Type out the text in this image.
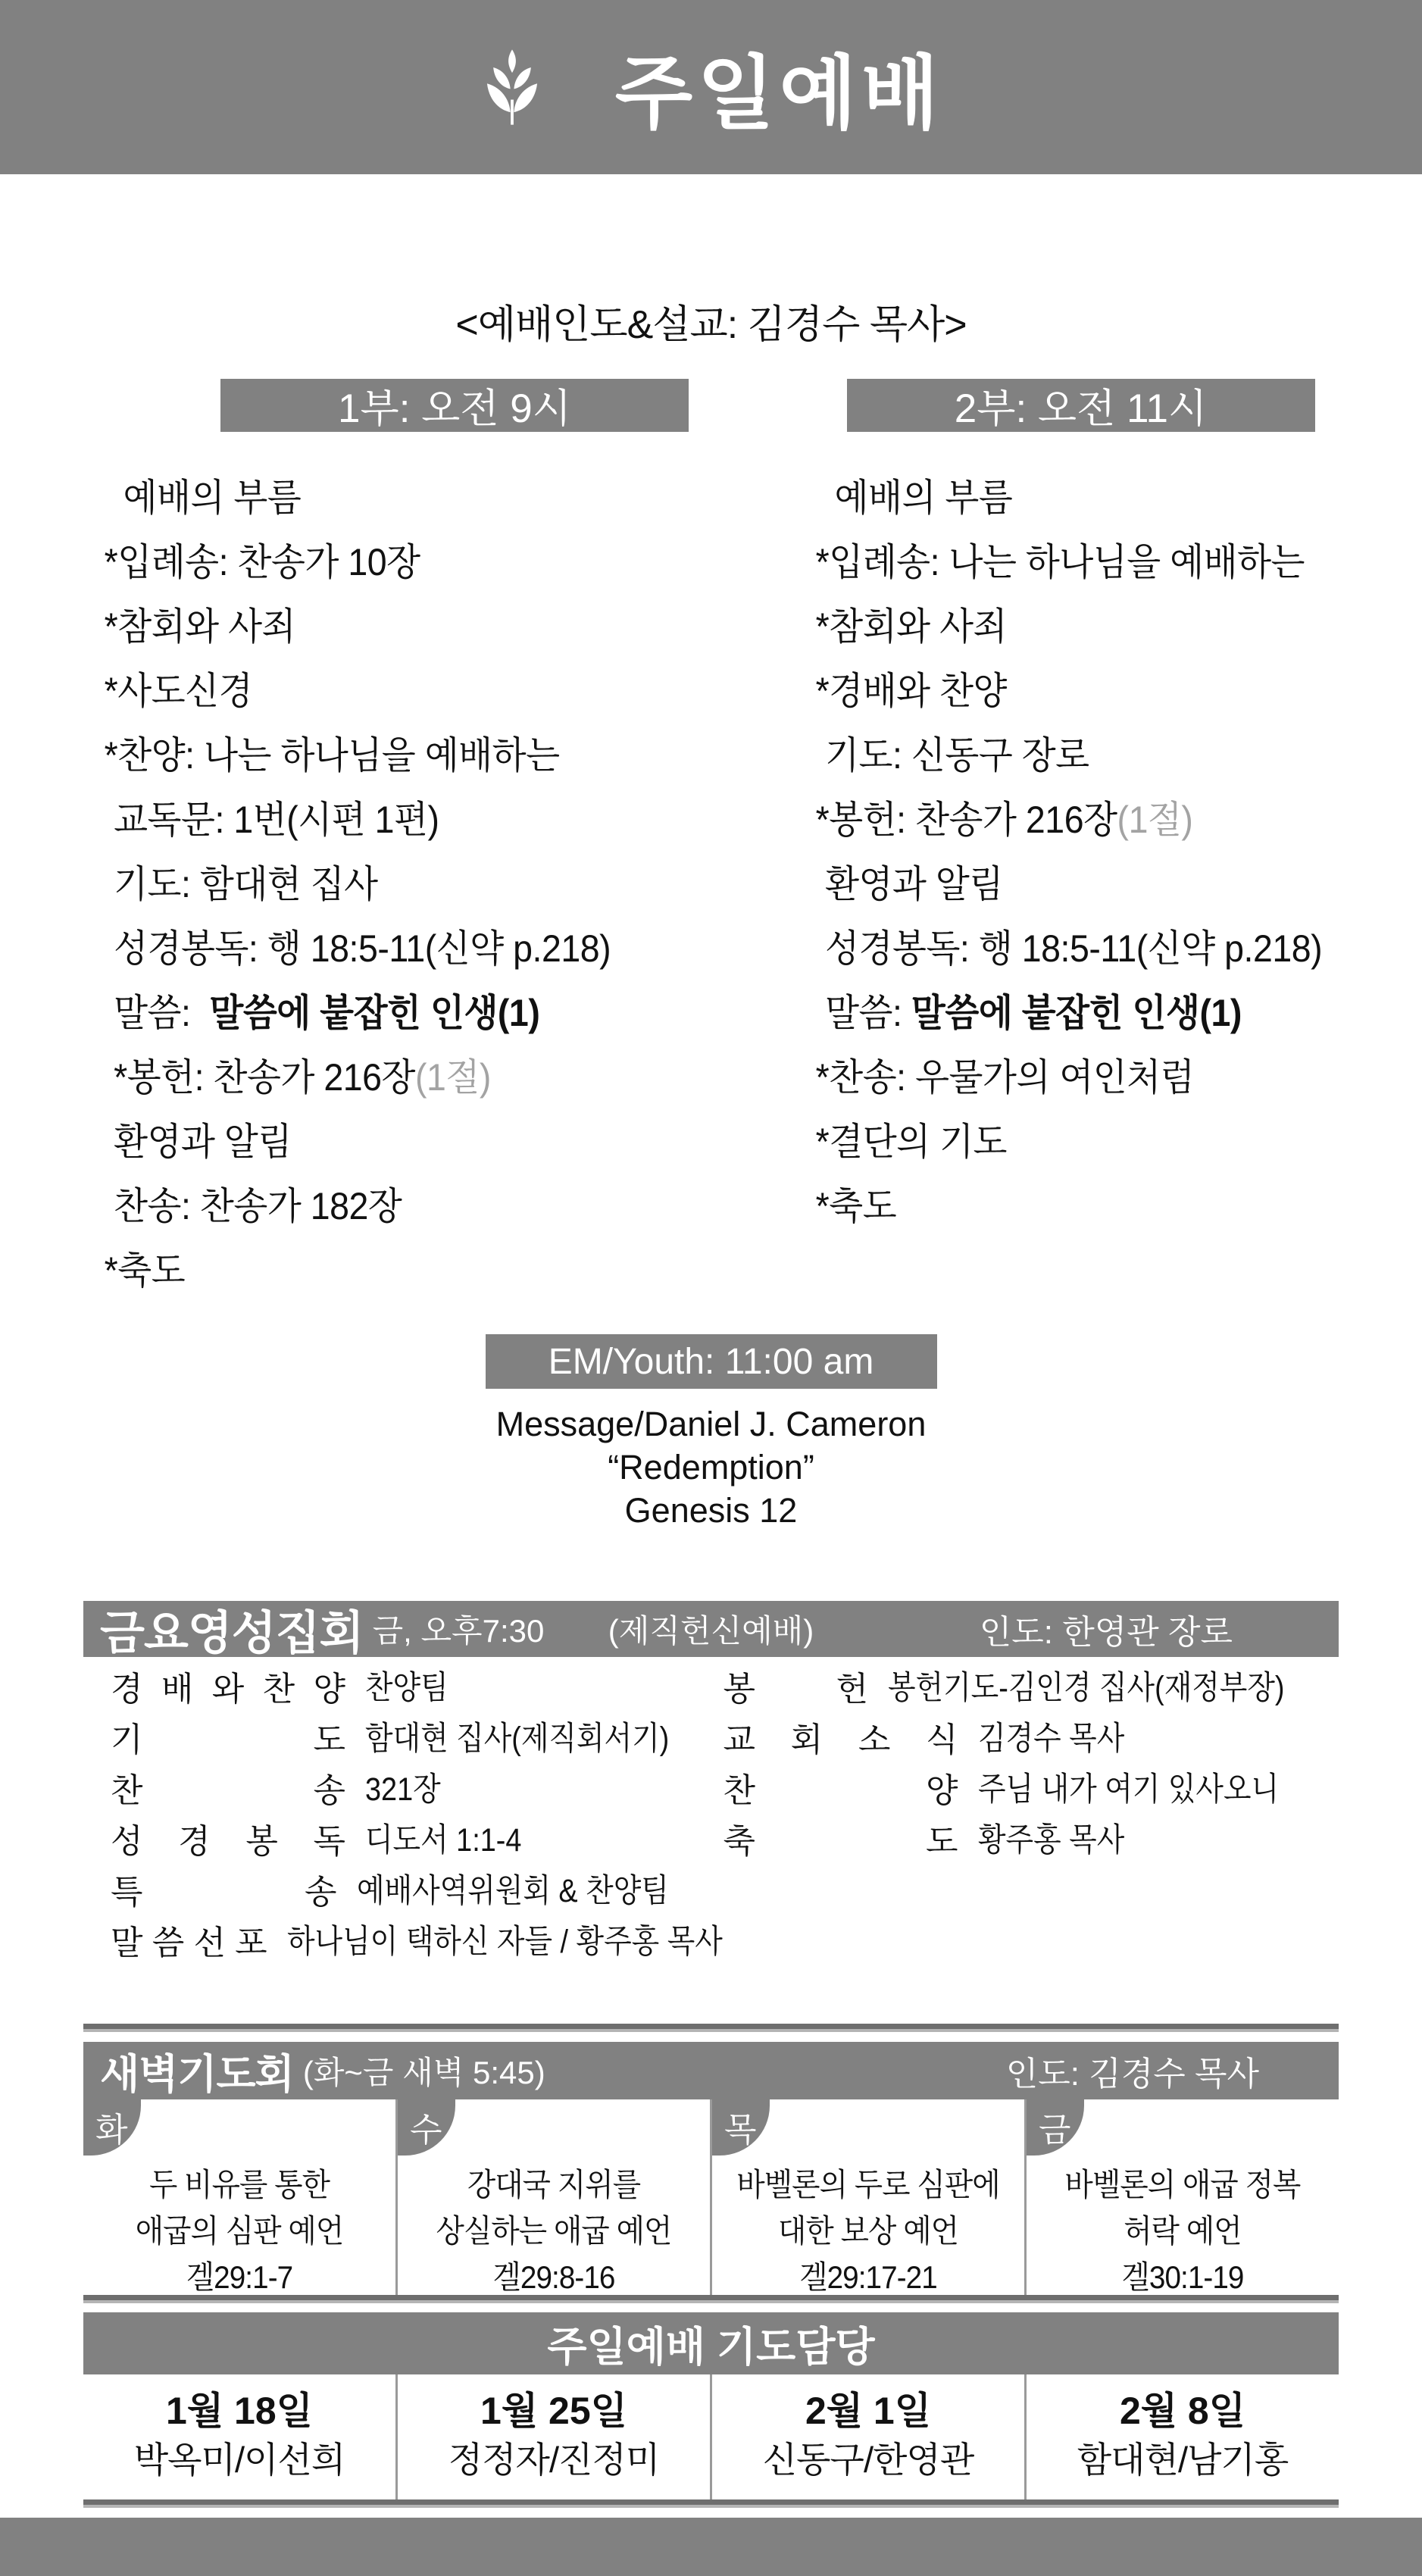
주일예배
<예배인도&설교: 김경수 목사>
1부: 오전 9시
예배의 부름
*입례송: 찬송가 10장
*참회와 사죄
*사도신경
*찬양: 나는 하나님을 예배하는
교독문: 1번(시편 1편)
기도: 함대현 집사
성경봉독: 행 18:5-11(신약 p.218)
말씀:  말씀에 붙잡힌 인생(1)
*봉헌: 찬송가 216장(1절)
환영과 알림
찬송: 찬송가 182장
*축도
2부: 오전 11시
예배의 부름
*입례송: 나는 하나님을 예배하는
*참회와 사죄
*경배와 찬양
기도: 신동구 장로
*봉헌: 찬송가 216장(1절)
환영과 알림
성경봉독: 행 18:5-11(신약 p.218)
말씀: 말씀에 붙잡힌 인생(1)
*찬송: 우물가의 여인처럼
*결단의 기도
*축도
EM/Youth: 11:00 am
Message/Daniel J. Cameron
“Redemption”
Genesis 12
금요영성집회 금, 오후7:30 (제직헌신예배)	인도: 한영관 장로
경 배 와 찬 양 찬양팀
기 도 함대현 집사(제직회서기)
찬 송 321장
성 경 봉 독 디도서 1:1-4
특 송 예배사역위원회 & 찬양팀
말 씀 선 포 하나님이 택하신 자들 / 황주홍 목사
봉 헌 봉헌기도-김인경 집사(재정부장)
교 회 소 식 김경수 목사
찬 양 주님 내가 여기 있사오니
축 도 황주홍 목사
새벽기도회 (화~금 새벽 5:45)	인도: 김경수 목사
화
두 비유를 통한
애굽의 심판 예언
겔29:1-7
수
강대국 지위를
상실하는 애굽 예언
겔29:8-16
목
바벨론의 두로 심판에
대한 보상 예언
겔29:17-21
금
바벨론의 애굽 정복
허락 예언
겔30:1-19
주일예배 기도담당
1월 18일
박옥미/이선희
1월 25일
정정자/진정미
2월 1일
신동구/한영관
2월 8일
함대현/남기홍
